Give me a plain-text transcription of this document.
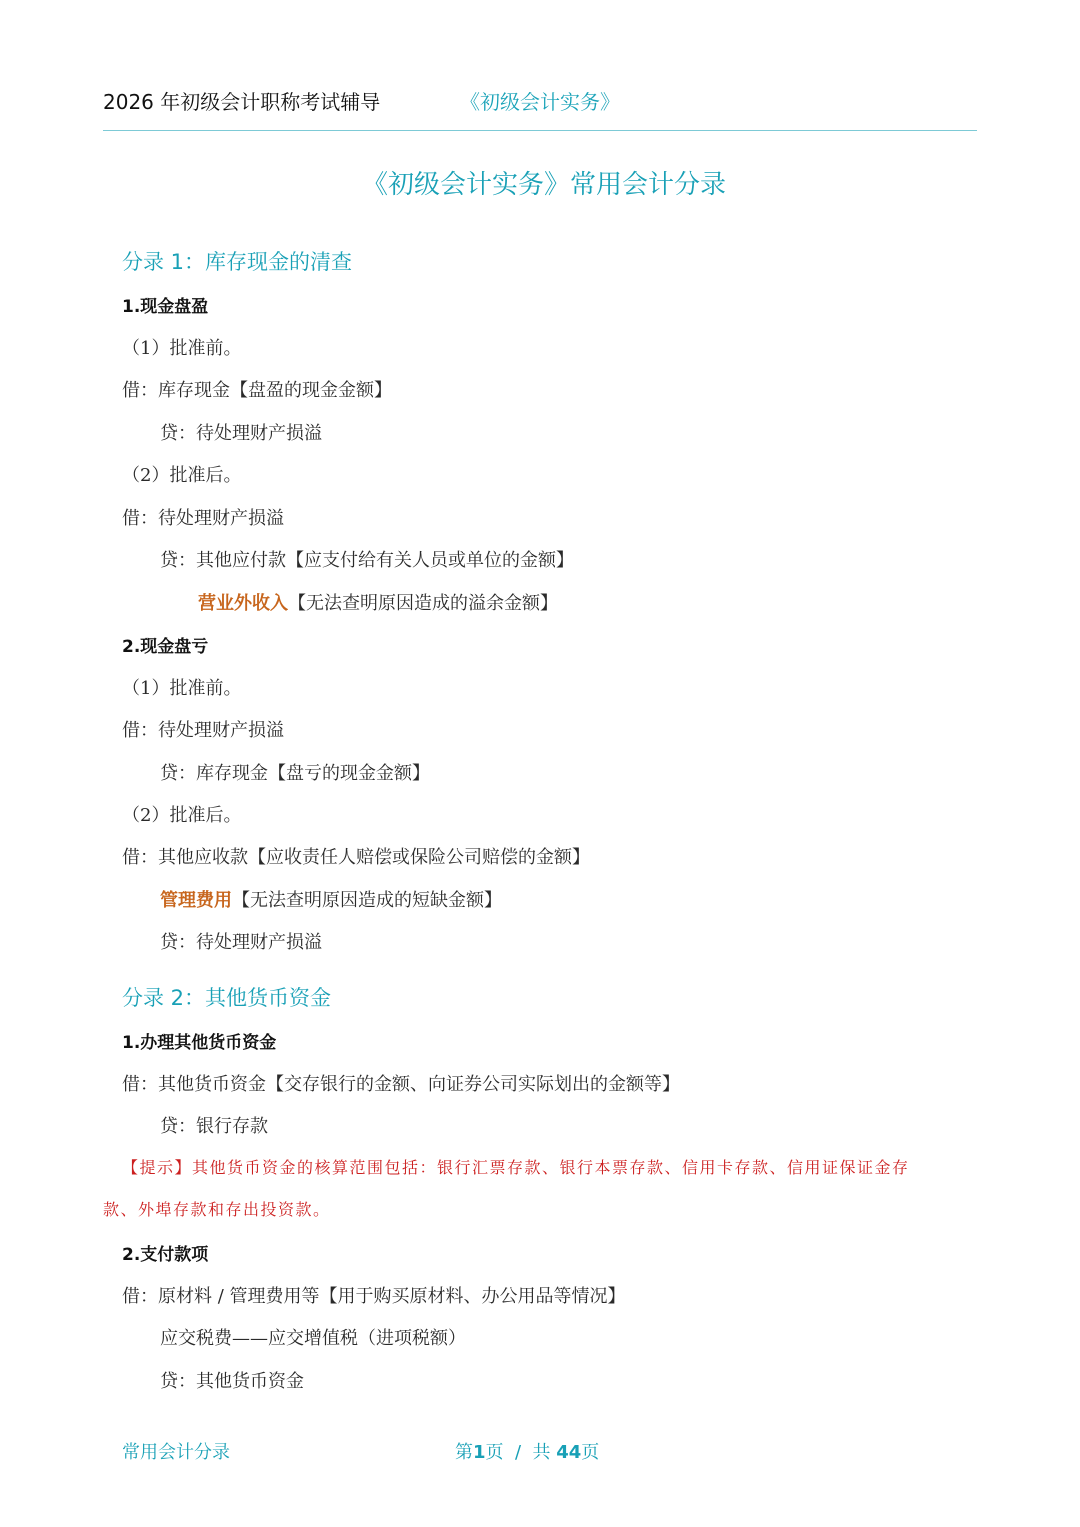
2026 年初级会计职称考试辅导	《初级会计实务》
《初级会计实务》常用会计分录
分录 1：库存现金的清查
1.现金盘盈
（1）批准前。
借：库存现金【盘盈的现金金额】
贷：待处理财产损溢
（2）批准后。
借：待处理财产损溢
贷：其他应付款【应支付给有关人员或单位的金额】
营业外收入【无法查明原因造成的溢余金额】
2.现金盘亏
（1）批准前。
借：待处理财产损溢
贷：库存现金【盘亏的现金金额】
（2）批准后。
借：其他应收款【应收责任人赔偿或保险公司赔偿的金额】
管理费用【无法查明原因造成的短缺金额】
贷：待处理财产损溢
分录 2：其他货币资金
1.办理其他货币资金
借：其他货币资金【交存银行的金额、向证券公司实际划出的金额等】
贷：银行存款
【提示】其他货币资金的核算范围包括：银行汇票存款、银行本票存款、信用卡存款、信用证保证金存
款、外埠存款和存出投资款。
2.支付款项
借：原材料 / 管理费用等【用于购买原材料、办公用品等情况】
应交税费——应交增值税（进项税额）
贷：其他货币资金
常用会计分录	第1页  /  共 44页
